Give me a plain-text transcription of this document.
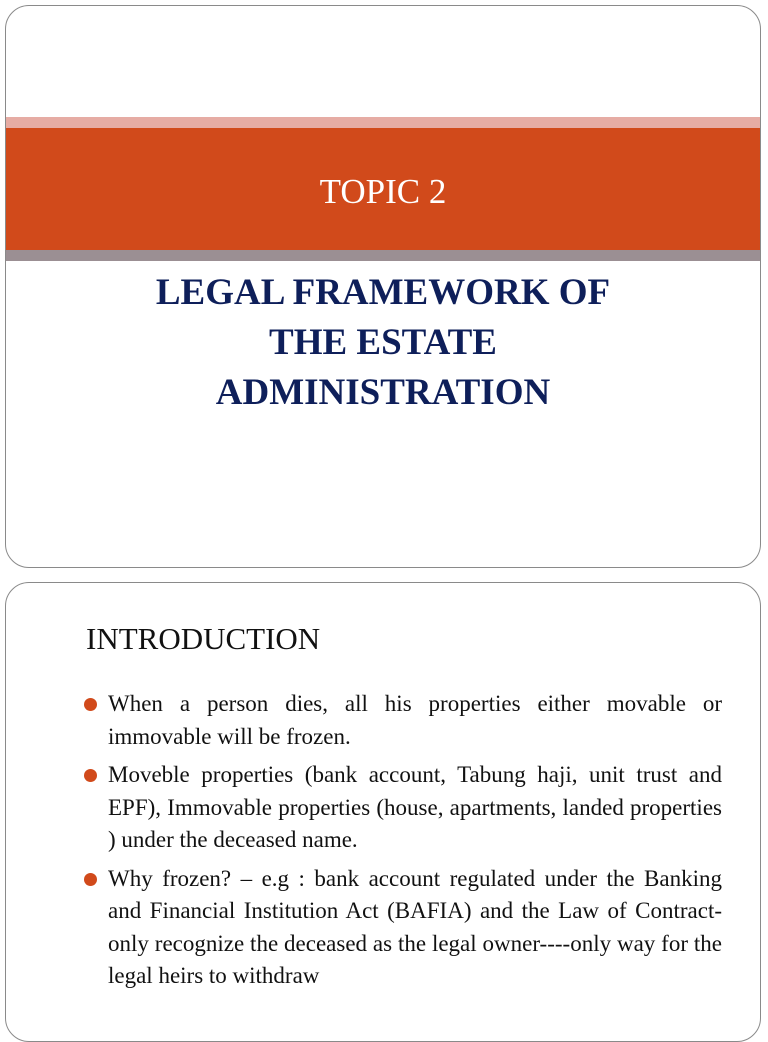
TOPIC 2
LEGAL FRAMEWORK OF
THE ESTATE
ADMINISTRATION
INTRODUCTION
When a person dies, all his properties either movable or immovable will be frozen.
Moveble properties (bank account, Tabung haji, unit trust and EPF), Immovable properties (house, apartments, landed properties ) under the deceased name.
Why frozen? – e.g : bank account regulated under the Banking and Financial Institution Act (BAFIA) and the Law of Contract- only recognize the deceased as the legal owner----only way for the legal heirs to withdraw
